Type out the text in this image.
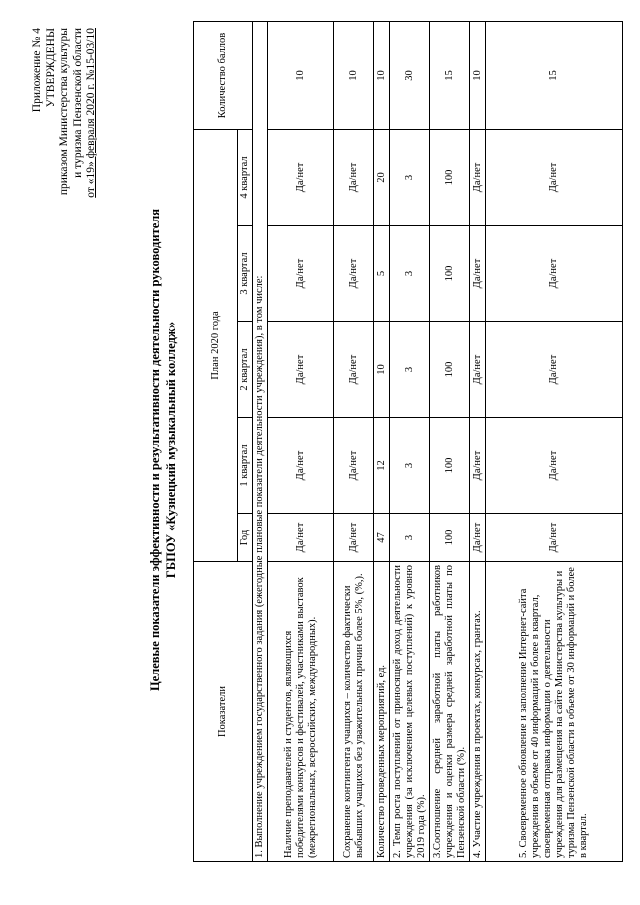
Приложение № 4 УТВЕРЖДЕНЫ приказом Министерства культуры и туризма Пензенской области от «19» февраля 2020 г. №15-03/10
Целевые показатели эффективности и результативности деятельности руководителя ГБПОУ «Кузнецкий музыкальный колледж»
Показатели	План 2020 года					Количество баллов
	Год	1 квартал	2 квартал	3 квартал	4 квартал	
1. Выполнение учреждением государственного задания (ежегодные плановые показатели деятельности учреждения), в том числе:						
Наличие преподавателей и студентов, являющихся победителями конкурсов и фестивалей, участниками выставок (межрегиональных, всероссийских, международных).	Да/нет	Да/нет	Да/нет	Да/нет	Да/нет	10
Сохранение контингента учащихся – количество фактически выбывших учащихся без уважительных причин более 5%, (%,).	Да/нет	Да/нет	Да/нет	Да/нет	Да/нет	10
Количество проведенных мероприятий, ед.	47	12	10	5	20	10
2. Темп роста поступлений от приносящей доход деятельности учреждения (за исключением целевых поступлений) к уровню 2019 года (%).	3	3	3	3	3	30
3.Соотношение средней заработной платы работников учреждения и оценки размера средней заработной платы по Пензенской области (%).	100	100	100	100	100	15
4. Участие учреждения в проектах, конкурсах, грантах.	Да/нет	Да/нет	Да/нет	Да/нет	Да/нет	10
5. Своевременное обновление и заполнение Интернет-сайта учреждения в объеме от 40 информаций и более в квартал, своевременная отправка информации о деятельности учреждения для размещения на сайте Министерства культуры и туризма Пензенской области в объеме от 30 информаций и более в квартал.	Да/нет	Да/нет	Да/нет	Да/нет	Да/нет	15
